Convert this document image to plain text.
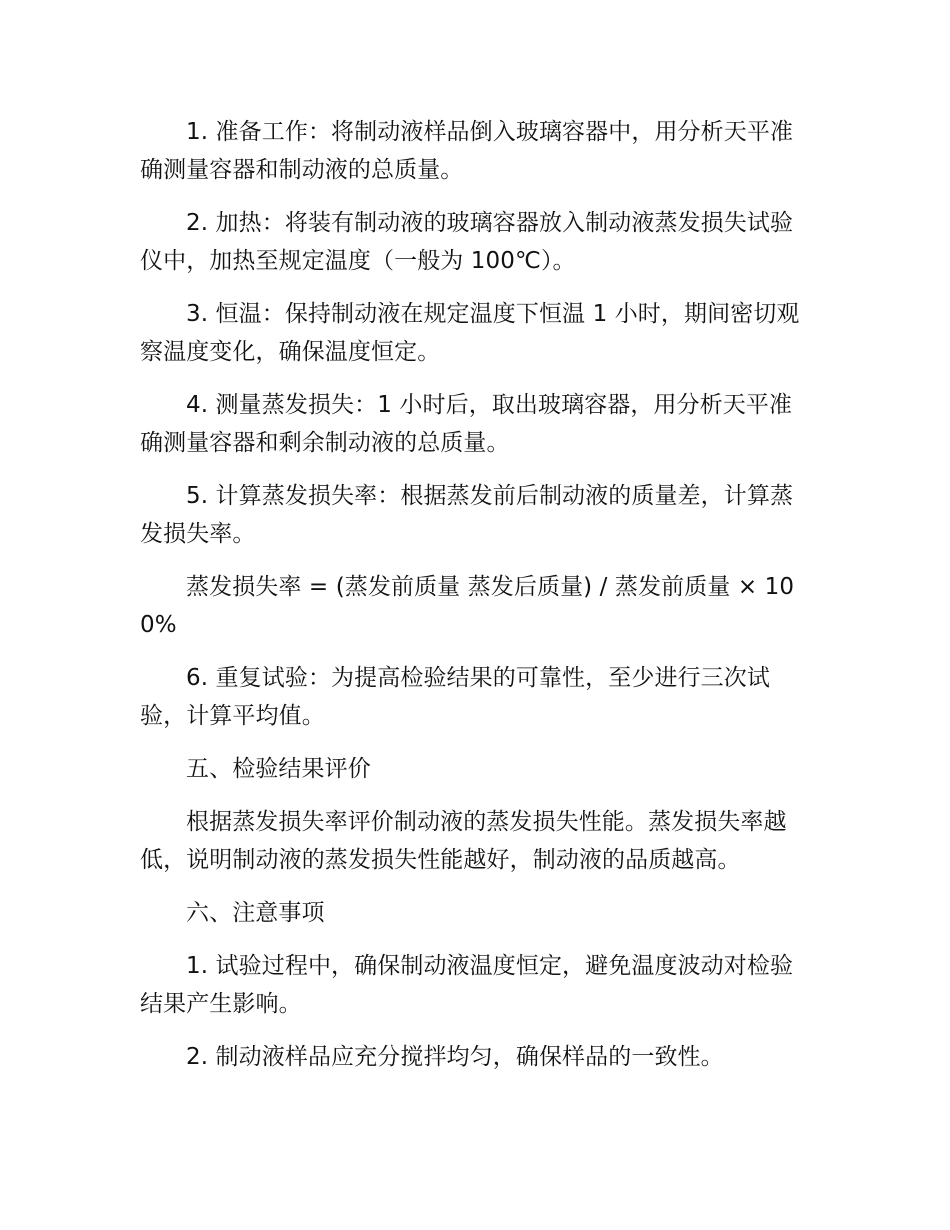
1. 准备工作：将制动液样品倒入玻璃容器中，用分析天平准确测量容器和制动液的总质量。

2. 加热：将装有制动液的玻璃容器放入制动液蒸发损失试验仪中，加热至规定温度（一般为 100℃）。

3. 恒温：保持制动液在规定温度下恒温 1 小时，期间密切观察温度变化，确保温度恒定。

4. 测量蒸发损失：1 小时后，取出玻璃容器，用分析天平准确测量容器和剩余制动液的总质量。

5. 计算蒸发损失率：根据蒸发前后制动液的质量差，计算蒸发损失率。

蒸发损失率 = (蒸发前质量 蒸发后质量) / 蒸发前质量 × 100%

6. 重复试验：为提高检验结果的可靠性，至少进行三次试验，计算平均值。

五、检验结果评价

根据蒸发损失率评价制动液的蒸发损失性能。蒸发损失率越低，说明制动液的蒸发损失性能越好，制动液的品质越高。

六、注意事项

1. 试验过程中，确保制动液温度恒定，避免温度波动对检验结果产生影响。

2. 制动液样品应充分搅拌均匀，确保样品的一致性。
